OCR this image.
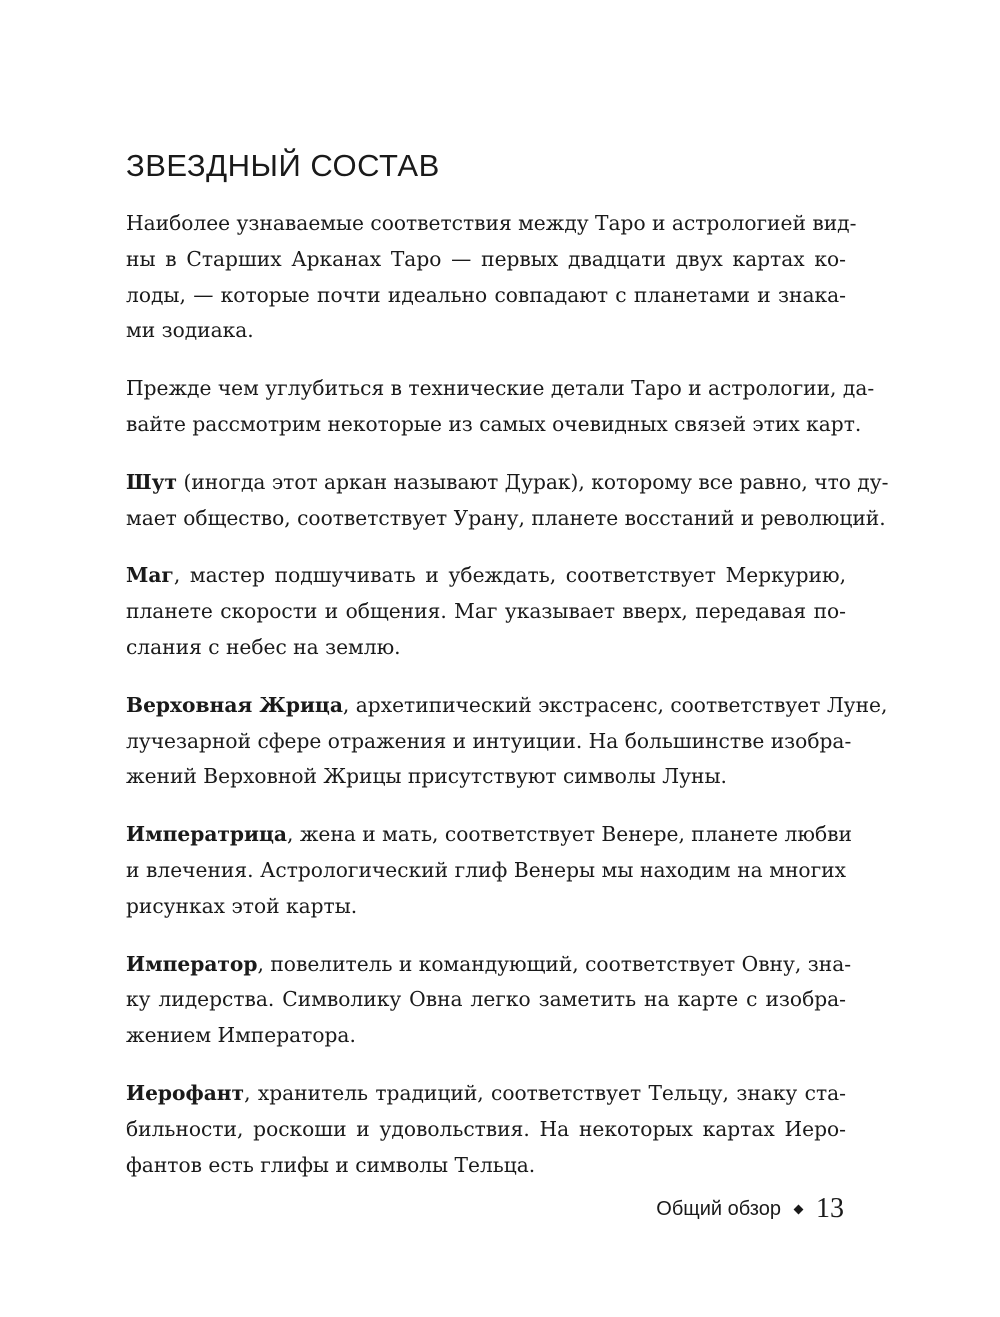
ЗВЕЗДНЫЙ СОСТАВ

Наиболее узнаваемые соответствия между Таро и астрологией вид-
ны в Старших Арканах Таро — первых двадцати двух картах ко-
лоды, — которые почти идеально совпадают с планетами и знака-
ми зодиака.

Прежде чем углубиться в технические детали Таро и астрологии, да-
вайте рассмотрим некоторые из самых очевидных связей этих карт.

Шут (иногда этот аркан называют Дурак), которому все равно, что ду-
мает общество, соответствует Урану, планете восстаний и революций.

Маг, мастер подшучивать и убеждать, соответствует Меркурию,
планете скорости и общения. Маг указывает вверх, передавая по-
слания с небес на землю.

Верховная Жрица, архетипический экстрасенс, соответствует Луне,
лучезарной сфере отражения и интуиции. На большинстве изобра-
жений Верховной Жрицы присутствуют символы Луны.

Императрица, жена и мать, соответствует Венере, планете любви
и влечения. Астрологический глиф Венеры мы находим на многих
рисунках этой карты.

Император, повелитель и командующий, соответствует Овну, зна-
ку лидерства. Символику Овна легко заметить на карте с изобра-
жением Императора.

Иерофант, хранитель традиций, соответствует Тельцу, знаку ста-
бильности, роскоши и удовольствия. На некоторых картах Иеро-
фантов есть глифы и символы Тельца.

Общий обзор 13
